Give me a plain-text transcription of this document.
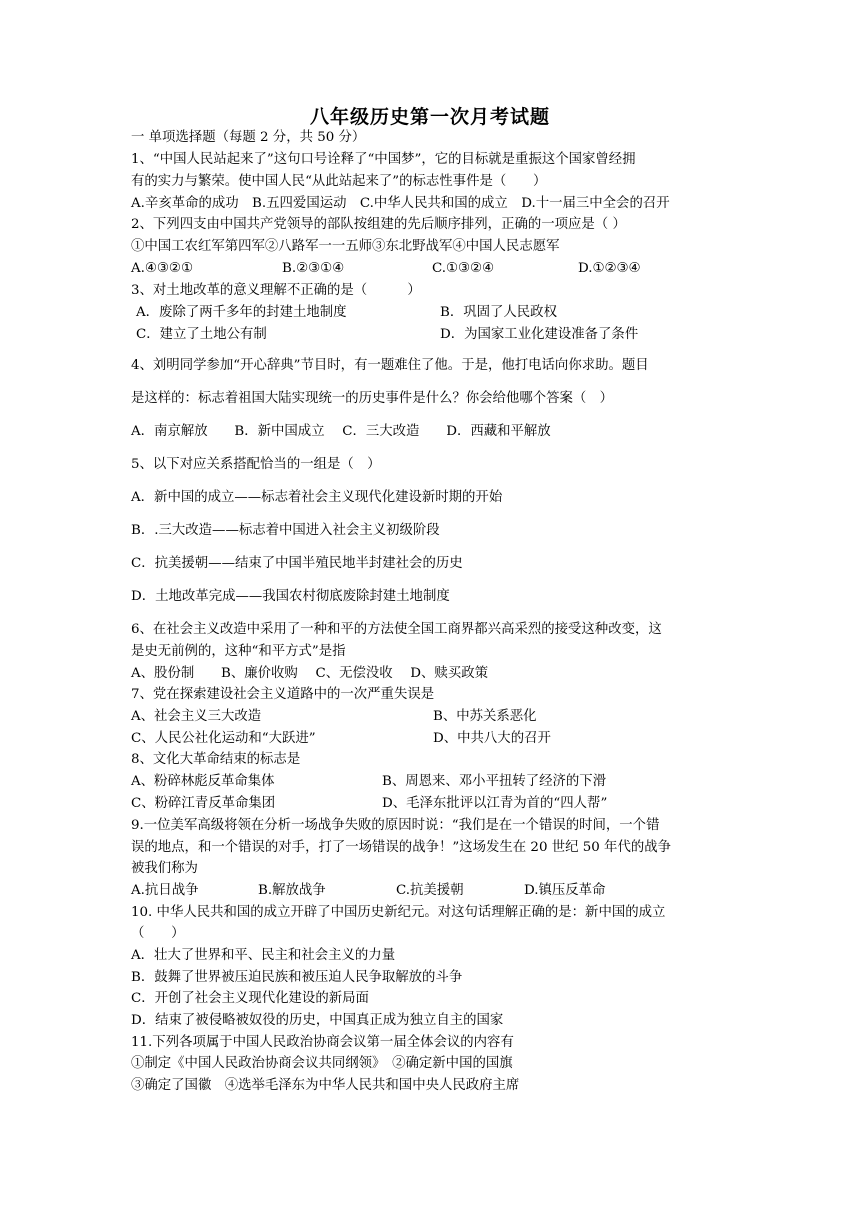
八年级历史第一次月考试题
一 单项选择题（每题 2 分，共 50 分）
1、“中国人民站起来了”这句口号诠释了“中国梦”，它的目标就是重振这个国家曾经拥
有的实力与繁荣。使中国人民“从此站起来了”的标志性事件是（　　）
A.辛亥革命的成功　B.五四爱国运动　C.中华人民共和国的成立　D.十一届三中全会的召开
2、下列四支由中国共产党领导的部队按组建的先后顺序排列，正确的一项应是（ ）
①中国工农红军第四军②八路军一一五师③东北野战军④中国人民志愿军
A.④③②①	B.②③①④	C.①③②④	D.①②③④
3、对土地改革的意义理解不正确的是（　　　）
A．废除了两千多年的封建土地制度	B．巩固了人民政权
C．建立了土地公有制	D．为国家工业化建设准备了条件
4、刘明同学参加“开心辞典”节目时，有一题难住了他。于是，他打电话向你求助。题目
是这样的：标志着祖国大陆实现统一的历史事件是什么？你会给他哪个答案（　）
A．南京解放　　B．新中国成立　 C．三大改造　　D．西藏和平解放
5、以下对应关系搭配恰当的一组是（　）
A．新中国的成立——标志着社会主义现代化建设新时期的开始
B．.三大改造——标志着中国进入社会主义初级阶段
C．抗美援朝——结束了中国半殖民地半封建社会的历史
D．土地改革完成——我国农村彻底废除封建土地制度
6、在社会主义改造中采用了一种和平的方法使全国工商界都兴高采烈的接受这种改变，这
是史无前例的，这种“和平方式”是指
A、股份制　　B、廉价收购　 C、无偿没收　 D、赎买政策
7、党在探索建设社会主义道路中的一次严重失误是
A、社会主义三大改造	B、中苏关系恶化
C、人民公社化运动和“大跃进”	D、中共八大的召开
8、文化大革命结束的标志是
A、粉碎林彪反革命集体	B、周恩来、邓小平扭转了经济的下滑
C、粉碎江青反革命集团	D、毛泽东批评以江青为首的“四人帮”
9.一位美军高级将领在分析一场战争失败的原因时说：“我们是在一个错误的时间，一个错
误的地点，和一个错误的对手，打了一场错误的战争！”这场发生在 20 世纪 50 年代的战争
被我们称为
A.抗日战争	B.解放战争	C.抗美援朝	D.镇压反革命
10. 中华人民共和国的成立开辟了中国历史新纪元。对这句话理解正确的是：新中国的成立
（　　）
A．壮大了世界和平、民主和社会主义的力量
B．鼓舞了世界被压迫民族和被压迫人民争取解放的斗争
C．开创了社会主义现代化建设的新局面
D．结束了被侵略被奴役的历史，中国真正成为独立自主的国家
11.下列各项属于中国人民政治协商会议第一届全体会议的内容有
①制定《中国人民政治协商会议共同纲领》　②确定新中国的国旗
③确定了国徽　④选举毛泽东为中华人民共和国中央人民政府主席
